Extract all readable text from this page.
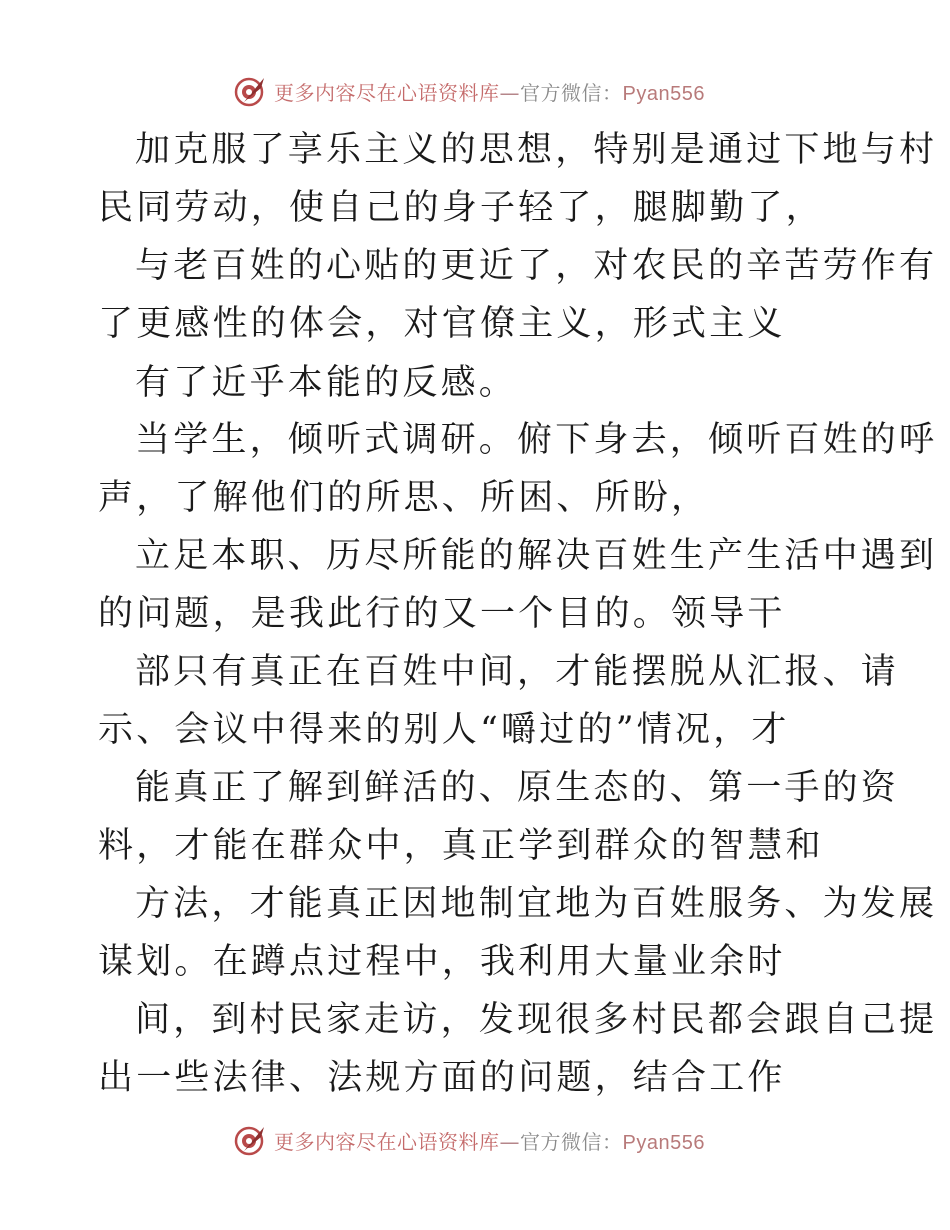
更多内容尽在心语资料库—官方微信：Pyan556
加克服了享乐主义的思想，特别是通过下地与村
民同劳动，使自己的身子轻了，腿脚勤了，
与老百姓的心贴的更近了，对农民的辛苦劳作有
了更感性的体会，对官僚主义，形式主义
有了近乎本能的反感。
当学生，倾听式调研。俯下身去，倾听百姓的呼
声，了解他们的所思、所困、所盼，
立足本职、历尽所能的解决百姓生产生活中遇到
的问题，是我此行的又一个目的。领导干
部只有真正在百姓中间，才能摆脱从汇报、请
示、会议中得来的别人“嚼过的”情况，才
能真正了解到鲜活的、原生态的、第一手的资
料，才能在群众中，真正学到群众的智慧和
方法，才能真正因地制宜地为百姓服务、为发展
谋划。在蹲点过程中，我利用大量业余时
间，到村民家走访，发现很多村民都会跟自己提
出一些法律、法规方面的问题，结合工作
更多内容尽在心语资料库—官方微信：Pyan556
